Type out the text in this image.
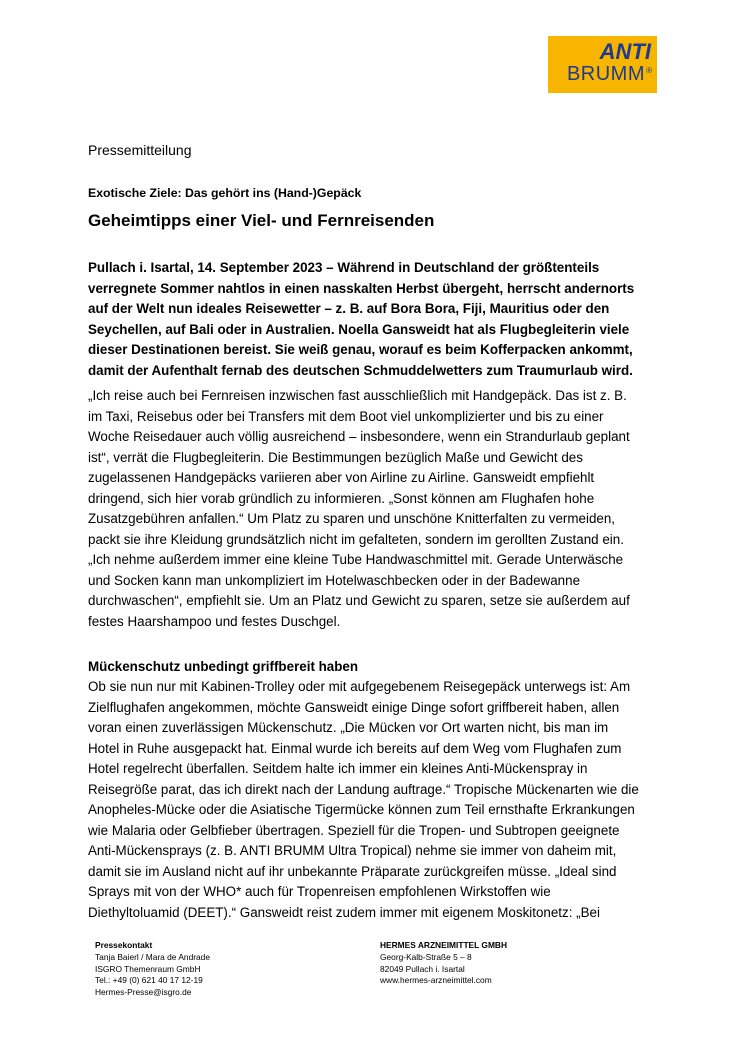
ANTI
BRUMM ®
Pressemitteilung
Exotische Ziele: Das gehört ins (Hand-)Gepäck
Geheimtipps einer Viel- und Fernreisenden
Pullach i. Isartal, 14. September 2023 – Während in Deutschland der größtenteils
verregnete Sommer nahtlos in einen nasskalten Herbst übergeht, herrscht andernorts
auf der Welt nun ideales Reisewetter – z. B. auf Bora Bora, Fiji, Mauritius oder den
Seychellen, auf Bali oder in Australien. Noella Gansweidt hat als Flugbegleiterin viele
dieser Destinationen bereist. Sie weiß genau, worauf es beim Kofferpacken ankommt,
damit der Aufenthalt fernab des deutschen Schmuddelwetters zum Traumurlaub wird.
„Ich reise auch bei Fernreisen inzwischen fast ausschließlich mit Handgepäck. Das ist z. B.
im Taxi, Reisebus oder bei Transfers mit dem Boot viel unkomplizierter und bis zu einer
Woche Reisedauer auch völlig ausreichend – insbesondere, wenn ein Strandurlaub geplant
ist“, verrät die Flugbegleiterin. Die Bestimmungen bezüglich Maße und Gewicht des
zugelassenen Handgepäcks variieren aber von Airline zu Airline. Gansweidt empfiehlt
dringend, sich hier vorab gründlich zu informieren. „Sonst können am Flughafen hohe
Zusatzgebühren anfallen.“ Um Platz zu sparen und unschöne Knitterfalten zu vermeiden,
packt sie ihre Kleidung grundsätzlich nicht im gefalteten, sondern im gerollten Zustand ein.
„Ich nehme außerdem immer eine kleine Tube Handwaschmittel mit. Gerade Unterwäsche
und Socken kann man unkompliziert im Hotelwaschbecken oder in der Badewanne
durchwaschen“, empfiehlt sie. Um an Platz und Gewicht zu sparen, setze sie außerdem auf
festes Haarshampoo und festes Duschgel.
Mückenschutz unbedingt griffbereit haben
Ob sie nun nur mit Kabinen-Trolley oder mit aufgegebenem Reisegepäck unterwegs ist: Am
Zielflughafen angekommen, möchte Gansweidt einige Dinge sofort griffbereit haben, allen
voran einen zuverlässigen Mückenschutz. „Die Mücken vor Ort warten nicht, bis man im
Hotel in Ruhe ausgepackt hat. Einmal wurde ich bereits auf dem Weg vom Flughafen zum
Hotel regelrecht überfallen. Seitdem halte ich immer ein kleines Anti-Mückenspray in
Reisegröße parat, das ich direkt nach der Landung auftrage.“ Tropische Mückenarten wie die
Anopheles-Mücke oder die Asiatische Tigermücke können zum Teil ernsthafte Erkrankungen
wie Malaria oder Gelbfieber übertragen. Speziell für die Tropen- und Subtropen geeignete
Anti-Mückensprays (z. B. ANTI BRUMM Ultra Tropical) nehme sie immer von daheim mit,
damit sie im Ausland nicht auf ihr unbekannte Präparate zurückgreifen müsse. „Ideal sind
Sprays mit von der WHO* auch für Tropenreisen empfohlenen Wirkstoffen wie
Diethyltoluamid (DEET).“ Gansweidt reist zudem immer mit eigenem Moskitonetz: „Bei
Pressekontakt
Tanja Baierl / Mara de Andrade
ISGRO Themenraum GmbH
Tel.: +49 (0) 621 40 17 12-19
Hermes-Presse@isgro.de
HERMES ARZNEIMITTEL GMBH
Georg-Kalb-Straße 5 – 8
82049 Pullach i. Isartal
www.hermes-arzneimittel.com
